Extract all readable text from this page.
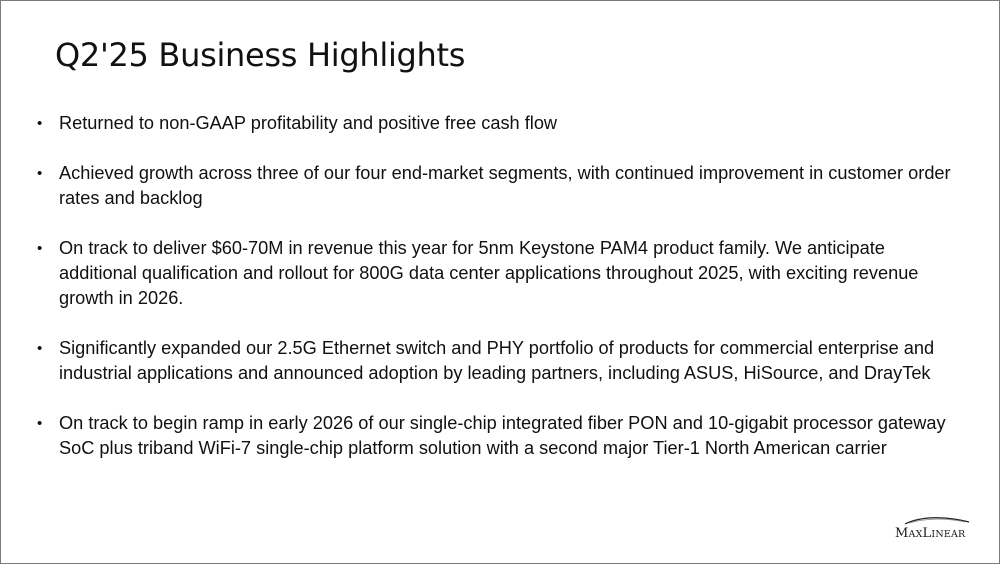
Q2'25 Business Highlights
• Returned to non-GAAP profitability and positive free cash flow

• Achieved growth across three of our four end-market segments, with continued improvement in customer order rates and backlog

• On track to deliver $60-70M in revenue this year for 5nm Keystone PAM4 product family. We anticipate additional qualification and rollout for 800G data center applications throughout 2025, with exciting revenue growth in 2026.

• Significantly expanded our 2.5G Ethernet switch and PHY portfolio of products for commercial enterprise and industrial applications and announced adoption by leading partners, including ASUS, HiSource, and DrayTek

• On track to begin ramp in early 2026 of our single-chip integrated fiber PON and 10-gigabit processor gateway SoC plus triband WiFi-7 single-chip platform solution with a second major Tier-1 North American carrier

MAXLINEAR
